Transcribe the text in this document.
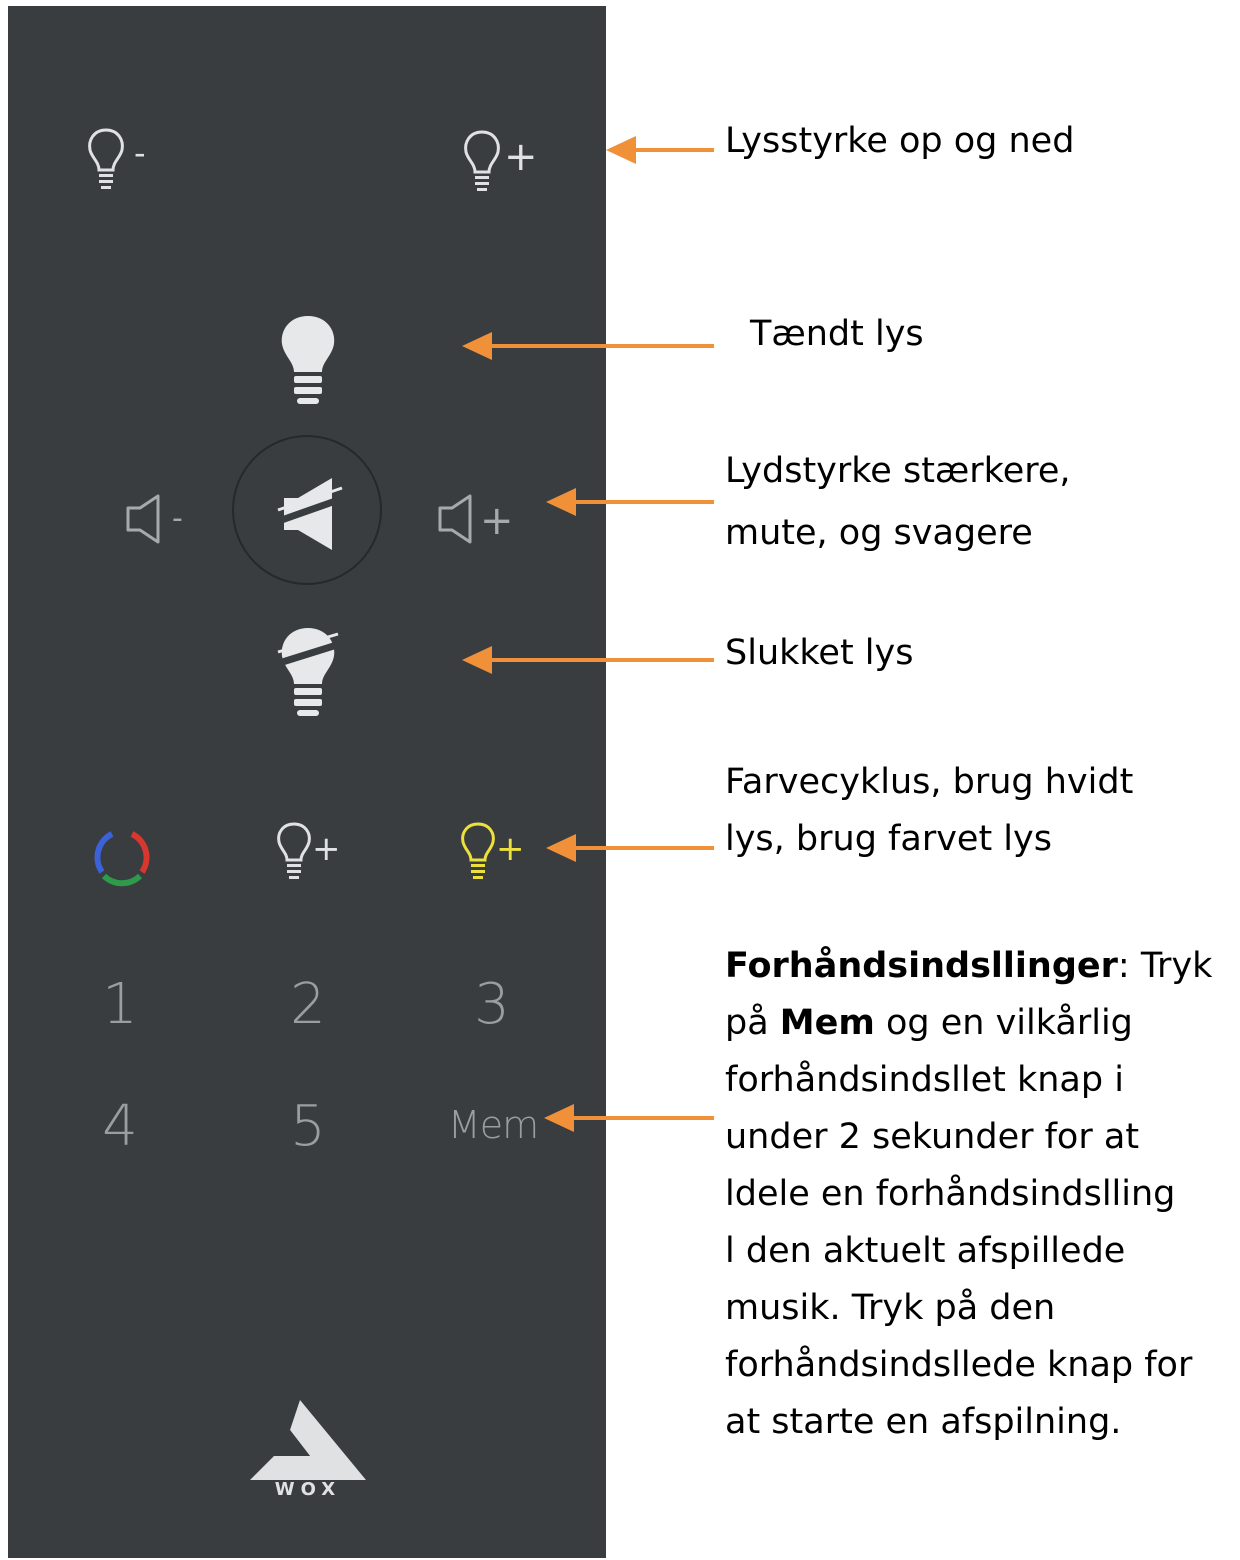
-	+
-	+
+	+
1	2	3
4	5	Mem
WOX
Lysstyrke op og ned
Tændt lys
Lydstyrke stærkere,
mute, og svagere
Slukket lys
Farvecyklus, brug hvidt
lys, brug farvet lys
Forhåndsindsllinger: Tryk
på Mem og en vilkårlig
forhåndsindsllet knap i
under 2 sekunder for at
ldele en forhåndsindslling
l den aktuelt afspillede
musik. Tryk på den
forhåndsindsllede knap for
at starte en afspilning.
